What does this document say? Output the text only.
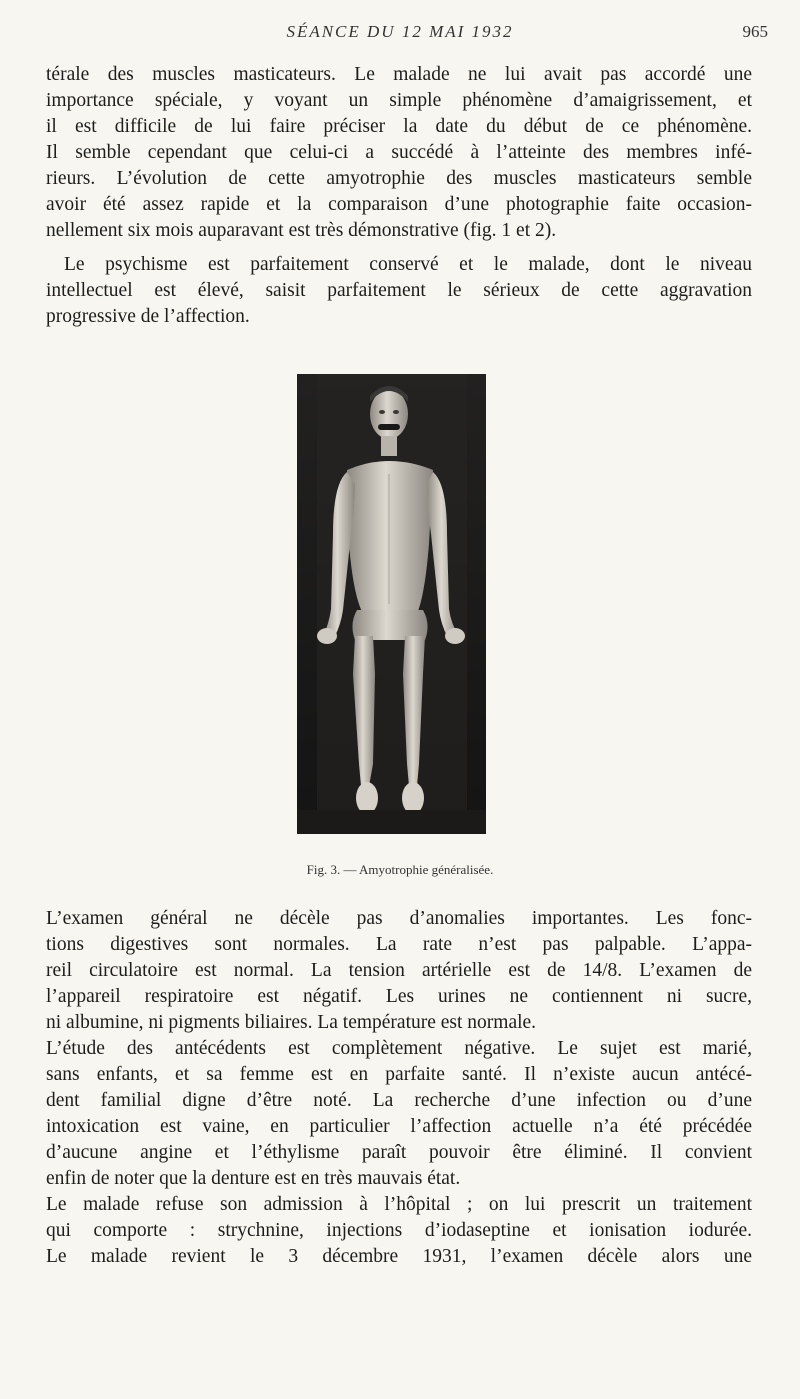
SÉANCE DU 12 MAI 1932	965
térale des muscles masticateurs. Le malade ne lui avait pas accordé une
importance spéciale, y voyant un simple phénomène d’amaigrissement, et
il est difficile de lui faire préciser la date du début de ce phénomène.
Il semble cependant que celui-ci a succédé à l’atteinte des membres infé-
rieurs. L’évolution de cette amyotrophie des muscles masticateurs semble
avoir été assez rapide et la comparaison d’une photographie faite occasion-
nellement six mois auparavant est très démonstrative (fig. 1 et 2).
Le psychisme est parfaitement conservé et le malade, dont le niveau
intellectuel est élevé, saisit parfaitement le sérieux de cette aggravation
progressive de l’affection.
Fig. 3. — Amyotrophie généralisée.
L’examen général ne décèle pas d’anomalies importantes. Les fonc-
tions digestives sont normales. La rate n’est pas palpable. L’appa-
reil circulatoire est normal. La tension artérielle est de 14/8. L’examen de
l’appareil respiratoire est négatif. Les urines ne contiennent ni sucre,
ni albumine, ni pigments biliaires. La température est normale.
L’étude des antécédents est complètement négative. Le sujet est marié,
sans enfants, et sa femme est en parfaite santé. Il n’existe aucun antécé-
dent familial digne d’être noté. La recherche d’une infection ou d’une
intoxication est vaine, en particulier l’affection actuelle n’a été précédée
d’aucune angine et l’éthylisme paraît pouvoir être éliminé. Il convient
enfin de noter que la denture est en très mauvais état.
Le malade refuse son admission à l’hôpital ; on lui prescrit un traitement
qui comporte : strychnine, injections d’iodaseptine et ionisation iodurée.
Le malade revient le 3 décembre 1931, l’examen décèle alors une
